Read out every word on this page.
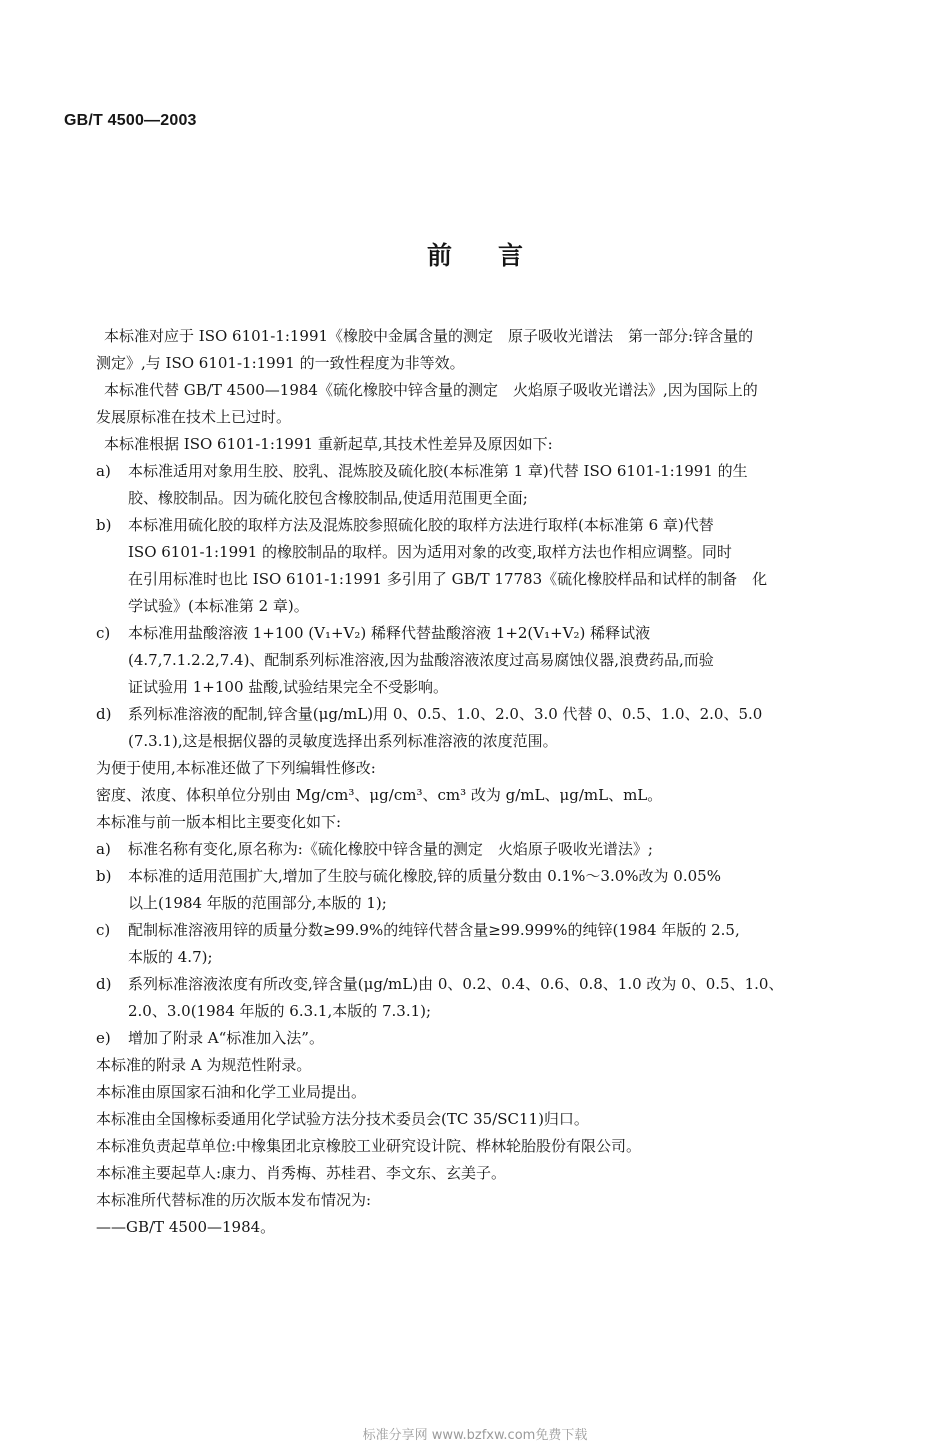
GB/T 4500—2003
前言
本标准对应于 ISO 6101-1:1991《橡胶中金属含量的测定　原子吸收光谱法　第一部分:锌含量的
测定》,与 ISO 6101-1:1991 的一致性程度为非等效。
本标准代替 GB/T 4500—1984《硫化橡胶中锌含量的测定　火焰原子吸收光谱法》,因为国际上的
发展原标准在技术上已过时。
本标准根据 ISO 6101-1:1991 重新起草,其技术性差异及原因如下:
a) 本标准适用对象用生胶、胶乳、混炼胶及硫化胶(本标准第 1 章)代替 ISO 6101-1:1991 的生
胶、橡胶制品。因为硫化胶包含橡胶制品,使适用范围更全面;
b) 本标准用硫化胶的取样方法及混炼胶参照硫化胶的取样方法进行取样(本标准第 6 章)代替
ISO 6101-1:1991 的橡胶制品的取样。因为适用对象的改变,取样方法也作相应调整。同时
在引用标准时也比 ISO 6101-1:1991 多引用了 GB/T 17783《硫化橡胶样品和试样的制备　化
学试验》(本标准第 2 章)。
c) 本标准用盐酸溶液 1+100 (V₁+V₂) 稀释代替盐酸溶液 1+2(V₁+V₂) 稀释试液
(4.7,7.1.2.2,7.4)、配制系列标准溶液,因为盐酸溶液浓度过高易腐蚀仪器,浪费药品,而验
证试验用 1+100 盐酸,试验结果完全不受影响。
d) 系列标准溶液的配制,锌含量(μg/mL)用 0、0.5、1.0、2.0、3.0 代替 0、0.5、1.0、2.0、5.0
(7.3.1),这是根据仪器的灵敏度选择出系列标准溶液的浓度范围。
为便于使用,本标准还做了下列编辑性修改:
密度、浓度、体积单位分别由 Mg/cm³、μg/cm³、cm³ 改为 g/mL、μg/mL、mL。
本标准与前一版本相比主要变化如下:
a) 标准名称有变化,原名称为:《硫化橡胶中锌含量的测定　火焰原子吸收光谱法》;
b) 本标准的适用范围扩大,增加了生胶与硫化橡胶,锌的质量分数由 0.1%～3.0%改为 0.05%
以上(1984 年版的范围部分,本版的 1);
c) 配制标准溶液用锌的质量分数≥99.9%的纯锌代替含量≥99.999%的纯锌(1984 年版的 2.5,
本版的 4.7);
d) 系列标准溶液浓度有所改变,锌含量(μg/mL)由 0、0.2、0.4、0.6、0.8、1.0 改为 0、0.5、1.0、
2.0、3.0(1984 年版的 6.3.1,本版的 7.3.1);
e) 增加了附录 A“标准加入法”。
本标准的附录 A 为规范性附录。
本标准由原国家石油和化学工业局提出。
本标准由全国橡标委通用化学试验方法分技术委员会(TC 35/SC11)归口。
本标准负责起草单位:中橡集团北京橡胶工业研究设计院、桦林轮胎股份有限公司。
本标准主要起草人:康力、肖秀梅、苏桂君、李文东、玄美子。
本标准所代替标准的历次版本发布情况为:
——GB/T 4500—1984。
标准分享网 www.bzfxw.com免费下载
